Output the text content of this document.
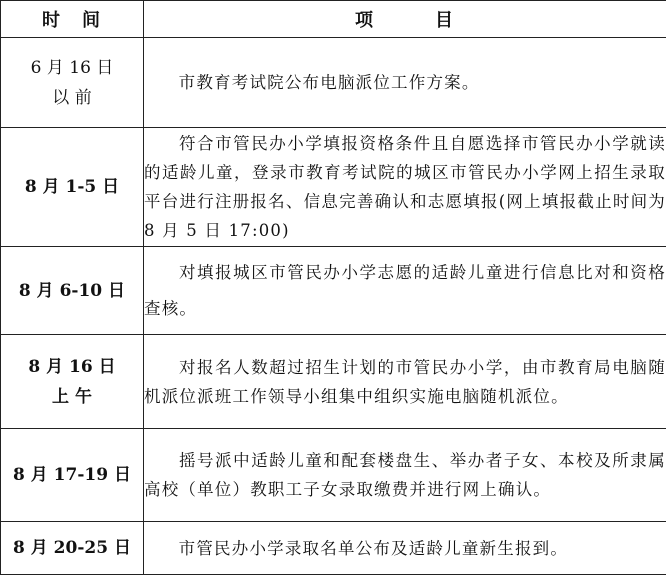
时　间	项　　　目

6 月 16 日
以 前	市教育考试院公布电脑派位工作方案。

8 月 1-5 日	符合市管民办小学填报资格条件且自愿选择市管民办小学就读的适龄儿童，登录市教育考试院的城区市管民办小学网上招生录取平台进行注册报名、信息完善确认和志愿填报(网上填报截止时间为 8 月 5 日 17:00)

8 月 6-10 日	对填报城区市管民办小学志愿的适龄儿童进行信息比对和资格查核。

8 月 16 日
上 午	对报名人数超过招生计划的市管民办小学，由市教育局电脑随机派位派班工作领导小组集中组织实施电脑随机派位。

8 月 17-19 日	摇号派中适龄儿童和配套楼盘生、举办者子女、本校及所隶属高校（单位）教职工子女录取缴费并进行网上确认。

8 月 20-25 日	市管民办小学录取名单公布及适龄儿童新生报到。
